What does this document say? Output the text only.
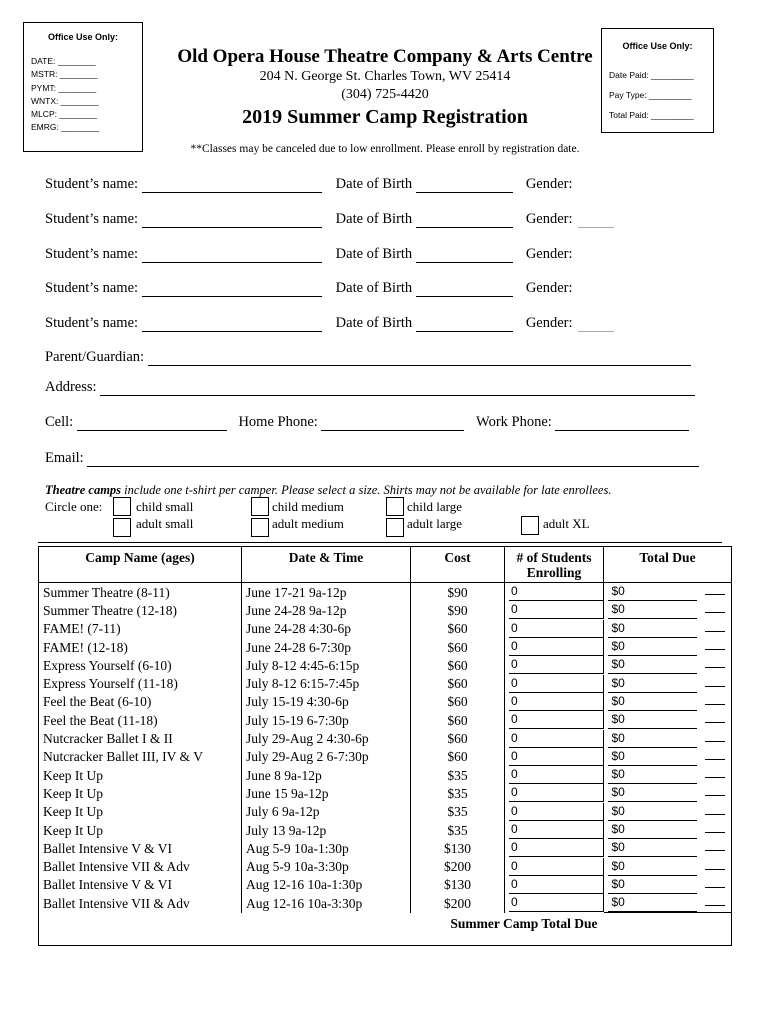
Office Use Only:
DATE: ________
MSTR: ________
PYMT: ________
WNTX: ________
MLCP: ________
EMRG: ________
Office Use Only:
Date Paid: _________
Pay Type: _________
Total Paid: _________
Old Opera House Theatre Company & Arts Centre
204 N. George St. Charles Town, WV 25414
(304) 725-4420
2019 Summer Camp Registration
**Classes may be canceled due to low enrollment. Please enroll by registration date.
Student’s name:	Date of Birth	Gender:
Student’s name:	Date of Birth	Gender:
Student’s name:	Date of Birth	Gender:
Student’s name:	Date of Birth	Gender:
Student’s name:	Date of Birth	Gender:
Parent/Guardian:
Address:
Cell:	Home Phone:	Work Phone:
Email:
Theatre camps include one t-shirt per camper. Please select a size. Shirts may not be available for late enrollees.
Circle one:	child small
adult small
child medium
adult medium
child large
adult large	adult XL
Camp Name (ages)	Date & Time	Cost	# of Students Enrolling	Total Due
Summer Theatre (8-11)	June 17-21 9a-12p	$90	0	$0
Summer Theatre (12-18)	June 24-28 9a-12p	$90	0	$0
FAME! (7-11)	June 24-28 4:30-6p	$60	0	$0
FAME! (12-18)	June 24-28 6-7:30p	$60	0	$0
Express Yourself (6-10)	July 8-12 4:45-6:15p	$60	0	$0
Express Yourself (11-18)	July 8-12 6:15-7:45p	$60	0	$0
Feel the Beat (6-10)	July 15-19 4:30-6p	$60	0	$0
Feel the Beat (11-18)	July 15-19 6-7:30p	$60	0	$0
Nutcracker Ballet I & II	July 29-Aug 2 4:30-6p	$60	0	$0
Nutcracker Ballet III, IV & V	July 29-Aug 2 6-7:30p	$60	0	$0
Keep It Up	June 8 9a-12p	$35	0	$0
Keep It Up	June 15 9a-12p	$35	0	$0
Keep It Up	July 6 9a-12p	$35	0	$0
Keep It Up	July 13 9a-12p	$35	0	$0
Ballet Intensive V & VI	Aug 5-9 10a-1:30p	$130	0	$0
Ballet Intensive VII & Adv	Aug 5-9 10a-3:30p	$200	0	$0
Ballet Intensive V & VI	Aug 12-16 10a-1:30p	$130	0	$0
Ballet Intensive VII & Adv	Aug 12-16 10a-3:30p	$200	0	$0
Summer Camp Total Due				
